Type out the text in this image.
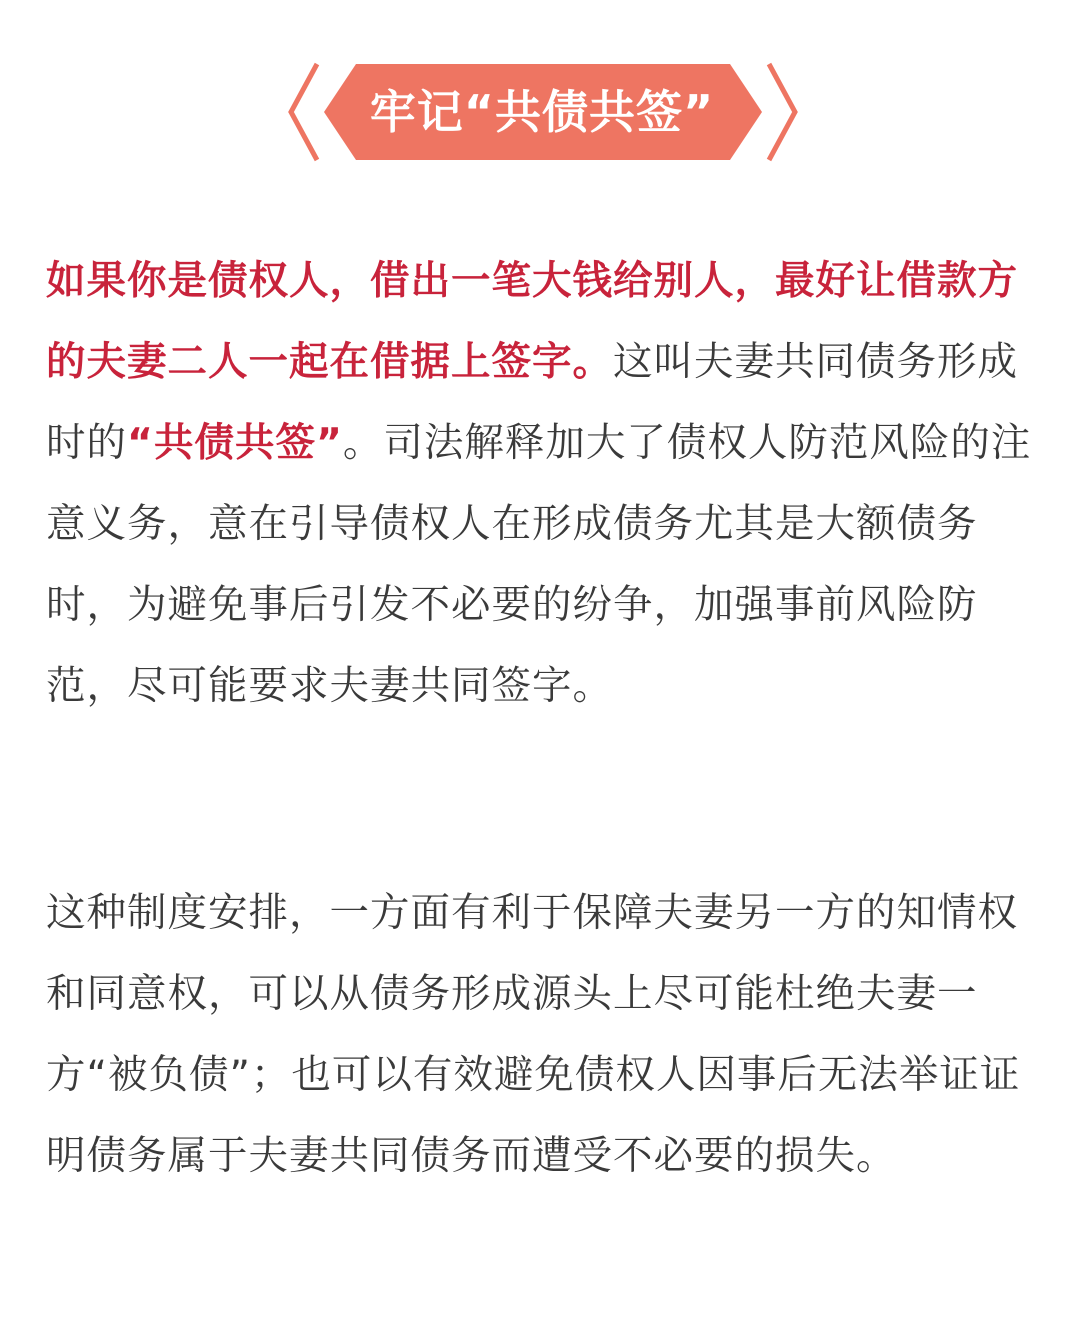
牢记“共债共签”

如果你是债权人，借出一笔大钱给别人，最好让借款方的夫妻二人一起在借据上签字。这叫夫妻共同债务形成时的“共债共签”。司法解释加大了债权人防范风险的注意义务，意在引导债权人在形成债务尤其是大额债务时，为避免事后引发不必要的纷争，加强事前风险防范，尽可能要求夫妻共同签字。

这种制度安排，一方面有利于保障夫妻另一方的知情权和同意权，可以从债务形成源头上尽可能杜绝夫妻一方“被负债”；也可以有效避免债权人因事后无法举证证明债务属于夫妻共同债务而遭受不必要的损失。
